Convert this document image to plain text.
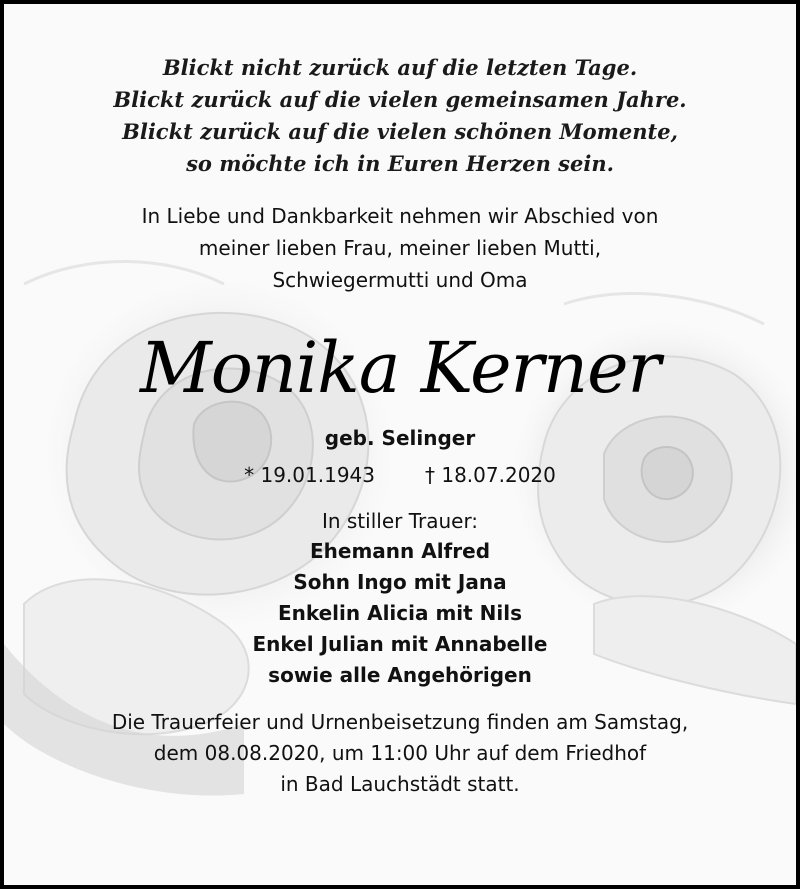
Blickt nicht zurück auf die letzten Tage.
Blickt zurück auf die vielen gemeinsamen Jahre.
Blickt zurück auf die vielen schönen Momente,
so möchte ich in Euren Herzen sein.
In Liebe und Dankbarkeit nehmen wir Abschied von
meiner lieben Frau, meiner lieben Mutti,
Schwiegermutti und Oma
Monika Kerner
geb. Selinger
* 19.01.1943	† 18.07.2020
In stiller Trauer:
Ehemann Alfred
Sohn Ingo mit Jana
Enkelin Alicia mit Nils
Enkel Julian mit Annabelle
sowie alle Angehörigen
Die Trauerfeier und Urnenbeisetzung finden am Samstag,
dem 08.08.2020, um 11:00 Uhr auf dem Friedhof
in Bad Lauchstädt statt.
